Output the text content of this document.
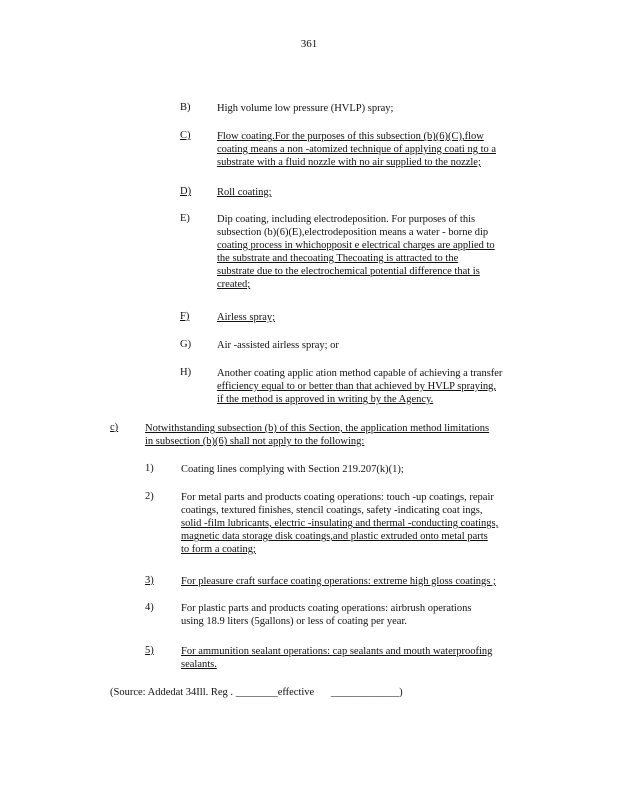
361
B)	High volume low pressure (HVLP) spray;
C)	Flow coating.For the purposes of this subsection (b)(6)(C),flow
coating means a non -atomized technique of applying coati ng to a
substrate with a fluid nozzle with no air supplied to the nozzle;
D) Roll coating;
E)	Dip coating, including electrodeposition. For purposes of this
subsection (b)(6)(E),electrodeposition means a water - borne dip
coating process in whichopposit e electrical charges are applied to
the substrate and thecoating Thecoating is attracted to the
substrate due to the electrochemical potential difference that is
created;
F)	Airless spray;
G) Air -assisted airless spray; or
H) Another coating applic ation method capable of achieving a transfer
efficiency equal to or better than that achieved by HVLP spraying,
if the method is approved in writing by the Agency.
c)	Notwithstanding subsection (b) of this Section, the application method limitations
in subsection (b)(6) shall not apply to the following:
1)	Coating lines complying with Section 219.207(k)(1);
2)	For metal parts and products coating operations: touch -up coatings, repair
coatings, textured finishes, stencil coatings, safety -indicating coat ings,
solid -film lubricants, electric -insulating and thermal -conducting coatings,
magnetic data storage disk coatings,and plastic extruded onto metal parts
to form a coating;
3)	For pleasure craft surface coating operations: extreme high gloss coatings ;
4)	For plastic parts and products coating operations: airbrush operations
using 18.9 liters (5gallons) or less of coating per year.
5)	For ammunition sealant operations: cap sealants and mouth waterproofing
sealants.
(Source: Addedat 34Ill. Reg . ________effective _____________)
